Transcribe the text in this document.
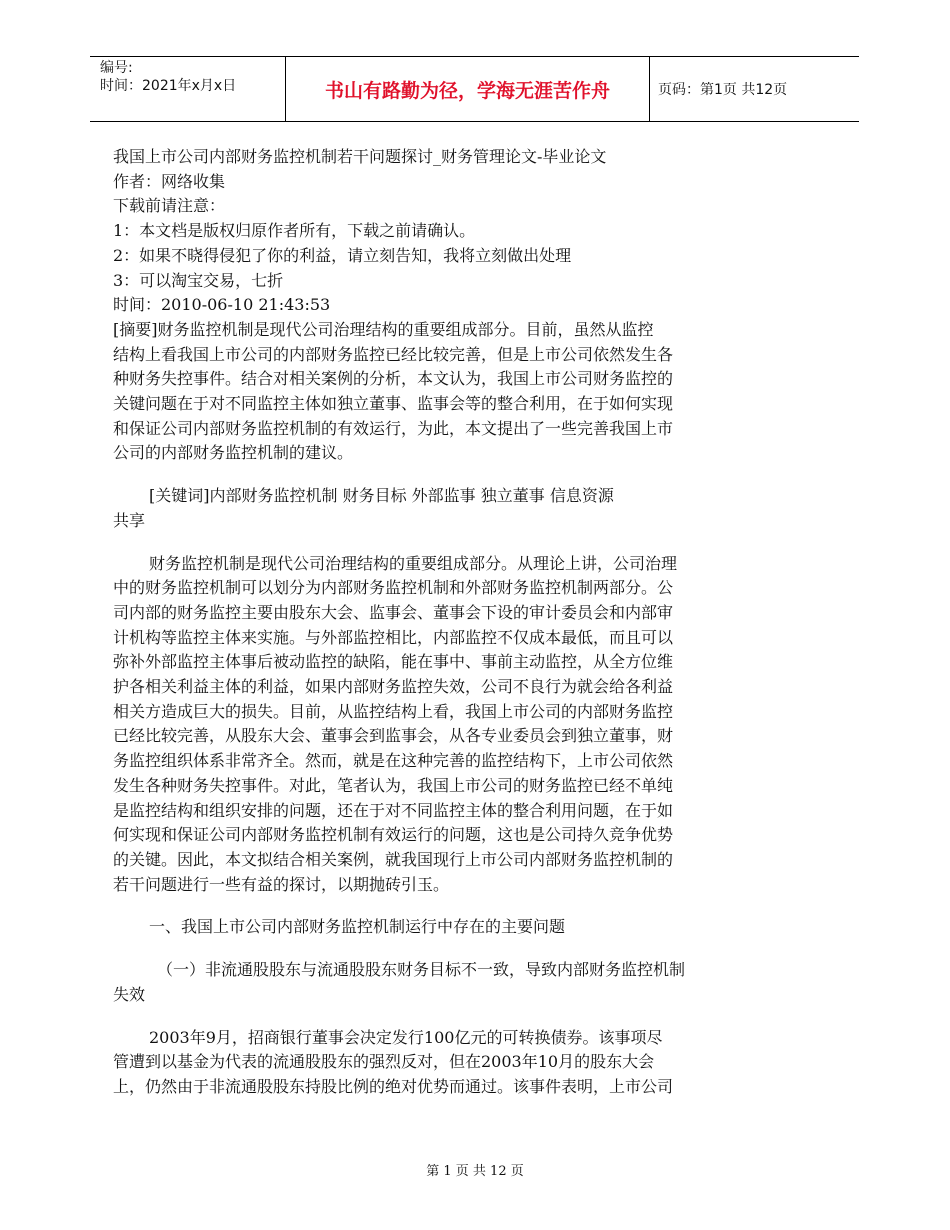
编号:
时间：2021年x月x日	书山有路勤为径，学海无涯苦作舟	页码：第1页 共12页
我国上市公司内部财务监控机制若干问题探讨_财务管理论文-毕业论文
作者：网络收集
下载前请注意：
1：本文档是版权归原作者所有，下载之前请确认。
2：如果不晓得侵犯了你的利益，请立刻告知，我将立刻做出处理
3：可以淘宝交易，七折
时间：2010-06-10 21:43:53
[摘要]财务监控机制是现代公司治理结构的重要组成部分。目前，虽然从监控
结构上看我国上市公司的内部财务监控已经比较完善，但是上市公司依然发生各
种财务失控事件。结合对相关案例的分析，本文认为，我国上市公司财务监控的
关键问题在于对不同监控主体如独立董事、监事会等的整合利用，在于如何实现
和保证公司内部财务监控机制的有效运行，为此，本文提出了一些完善我国上市
公司的内部财务监控机制的建议。
[关键词]内部财务监控机制 财务目标 外部监事 独立董事 信息资源
共享
财务监控机制是现代公司治理结构的重要组成部分。从理论上讲，公司治理
中的财务监控机制可以划分为内部财务监控机制和外部财务监控机制两部分。公
司内部的财务监控主要由股东大会、监事会、董事会下设的审计委员会和内部审
计机构等监控主体来实施。与外部监控相比，内部监控不仅成本最低，而且可以
弥补外部监控主体事后被动监控的缺陷，能在事中、事前主动监控，从全方位维
护各相关利益主体的利益，如果内部财务监控失效，公司不良行为就会给各利益
相关方造成巨大的损失。目前，从监控结构上看，我国上市公司的内部财务监控
已经比较完善，从股东大会、董事会到监事会，从各专业委员会到独立董事，财
务监控组织体系非常齐全。然而，就是在这种完善的监控结构下，上市公司依然
发生各种财务失控事件。对此，笔者认为，我国上市公司的财务监控已经不单纯
是监控结构和组织安排的问题，还在于对不同监控主体的整合利用问题，在于如
何实现和保证公司内部财务监控机制有效运行的问题，这也是公司持久竞争优势
的关键。因此，本文拟结合相关案例，就我国现行上市公司内部财务监控机制的
若干问题进行一些有益的探讨，以期抛砖引玉。
一、我国上市公司内部财务监控机制运行中存在的主要问题
（一）非流通股股东与流通股股东财务目标不一致，导致内部财务监控机制
失效
2003年9月，招商银行董事会决定发行100亿元的可转换债券。该事项尽
管遭到以基金为代表的流通股股东的强烈反对，但在2003年10月的股东大会
上，仍然由于非流通股股东持股比例的绝对优势而通过。该事件表明，上市公司
第 1 页 共 12 页
